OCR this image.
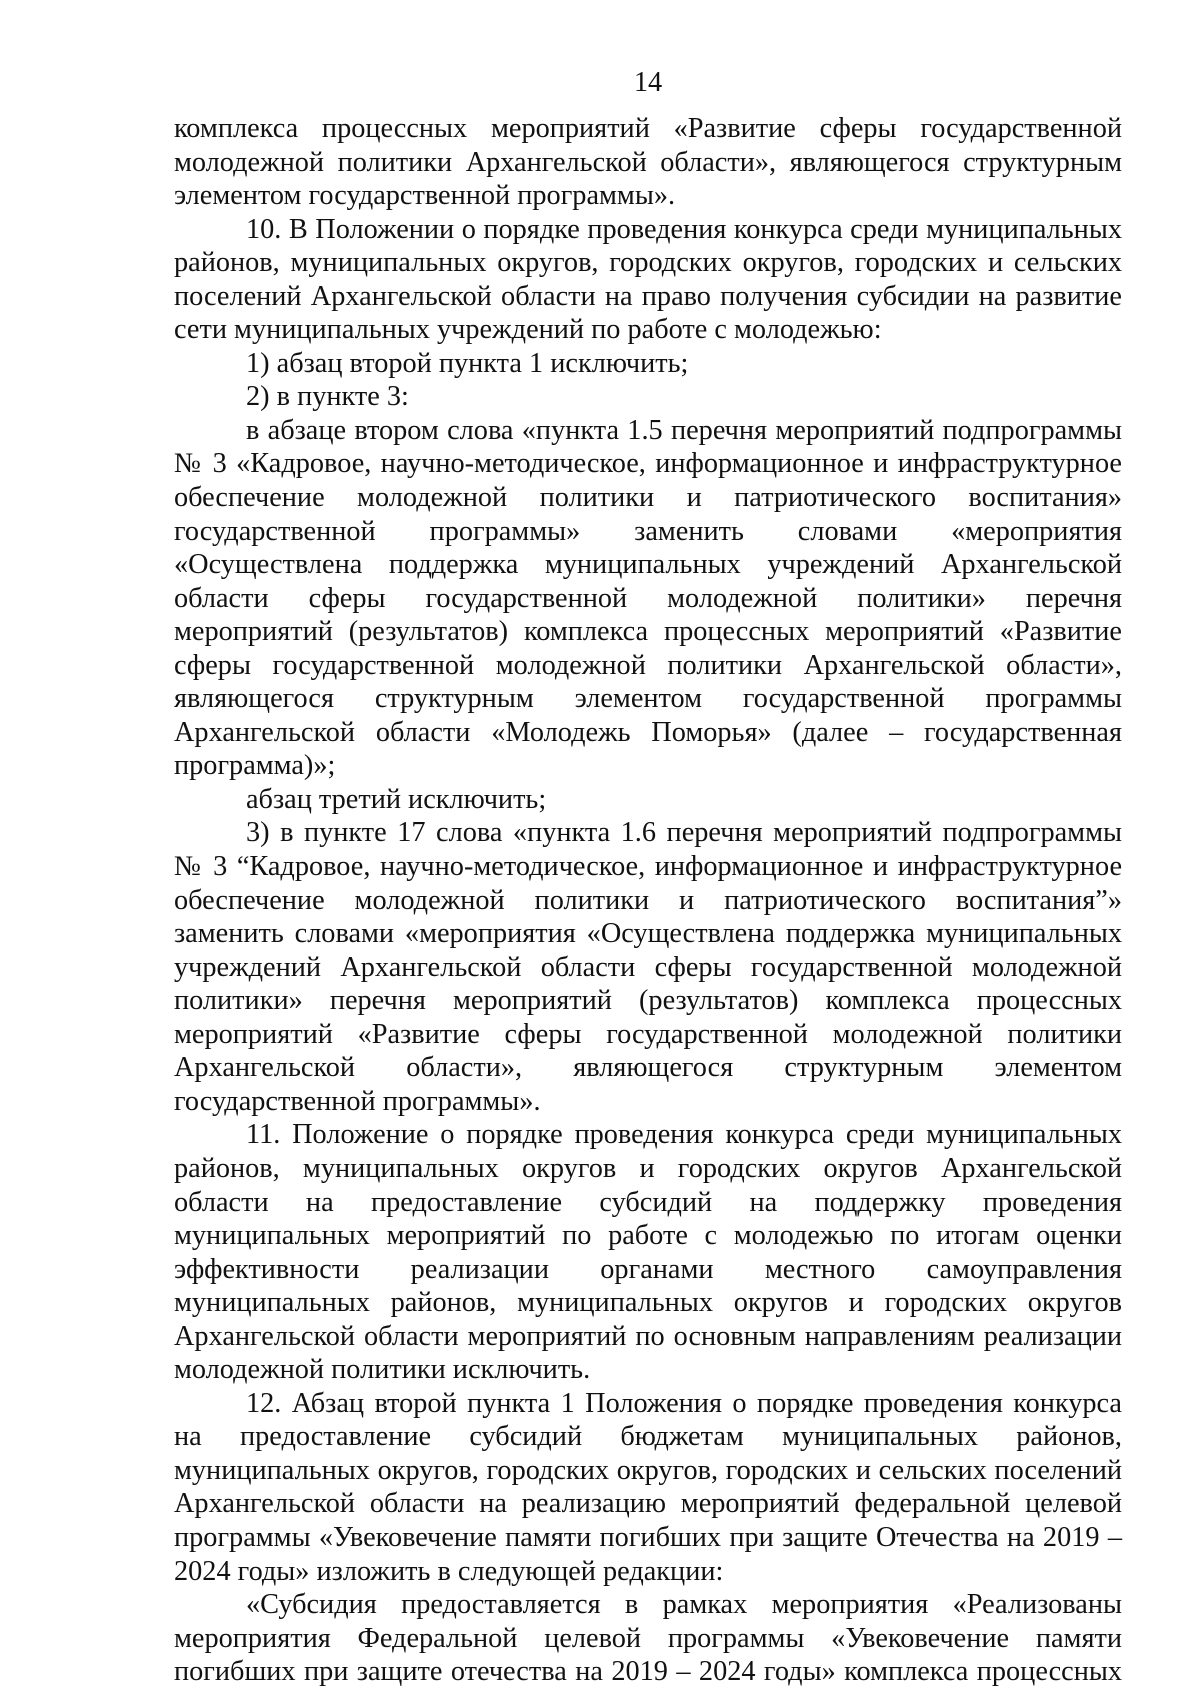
14

комплекса процессных мероприятий «Развитие сферы государственной молодежной политики Архангельской области», являющегося структурным элементом государственной программы».

10. В Положении о порядке проведения конкурса среди муниципальных районов, муниципальных округов, городских округов, городских и сельских поселений Архангельской области на право получения субсидии на развитие сети муниципальных учреждений по работе с молодежью:

1) абзац второй пункта 1 исключить;

2) в пункте 3:

в абзаце втором слова «пункта 1.5 перечня мероприятий подпрограммы № 3 «Кадровое, научно-методическое, информационное и инфраструктурное обеспечение молодежной политики и патриотического воспитания» государственной программы» заменить словами «мероприятия «Осуществлена поддержка муниципальных учреждений Архангельской области сферы государственной молодежной политики» перечня мероприятий (результатов) комплекса процессных мероприятий «Развитие сферы государственной молодежной политики Архангельской области», являющегося структурным элементом государственной программы Архангельской области «Молодежь Поморья» (далее – государственная программа)»;

абзац третий исключить;

3) в пункте 17 слова «пункта 1.6 перечня мероприятий подпрограммы № 3 “Кадровое, научно-методическое, информационное и инфраструктурное обеспечение молодежной политики и патриотического воспитания”» заменить словами «мероприятия «Осуществлена поддержка муниципальных учреждений Архангельской области сферы государственной молодежной политики» перечня мероприятий (результатов) комплекса процессных мероприятий «Развитие сферы государственной молодежной политики Архангельской области», являющегося структурным элементом государственной программы».

11. Положение о порядке проведения конкурса среди муниципальных районов, муниципальных округов и городских округов Архангельской области на предоставление субсидий на поддержку проведения муниципальных мероприятий по работе с молодежью по итогам оценки эффективности реализации органами местного самоуправления муниципальных районов, муниципальных округов и городских округов Архангельской области мероприятий по основным направлениям реализации молодежной политики исключить.

12. Абзац второй пункта 1 Положения о порядке проведения конкурса на предоставление субсидий бюджетам муниципальных районов, муниципальных округов, городских округов, городских и сельских поселений Архангельской области на реализацию мероприятий федеральной целевой программы «Увековечение памяти погибших при защите Отечества на 2019 – 2024 годы» изложить в следующей редакции:

«Субсидия предоставляется в рамках мероприятия «Реализованы мероприятия Федеральной целевой программы «Увековечение памяти погибших при защите отечества на 2019 – 2024 годы» комплекса процессных
